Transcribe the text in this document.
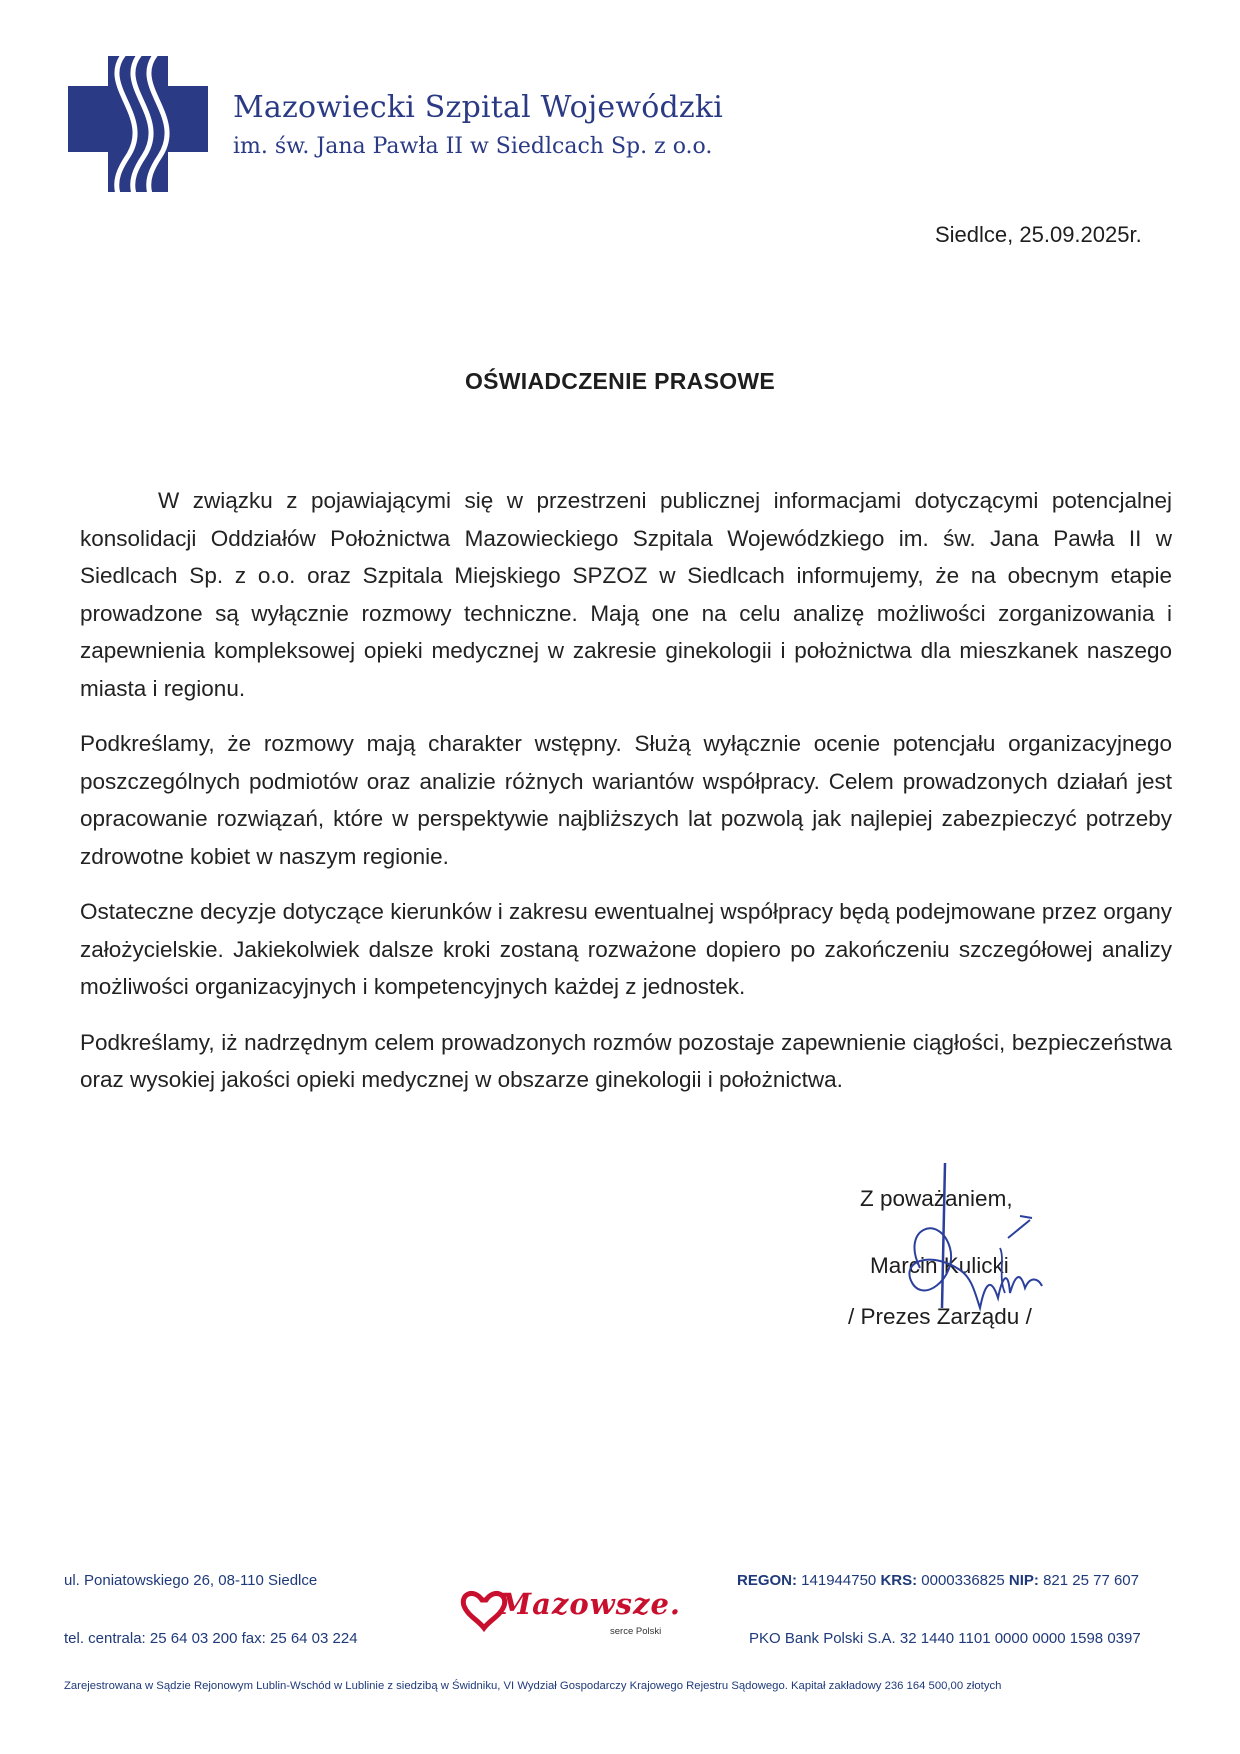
Mazowiecki Szpital Wojewódzki
im. św. Jana Pawła II w Siedlcach Sp. z o.o.
Siedlce, 25.09.2025r.
OŚWIADCZENIE PRASOWE

W związku z pojawiającymi się w przestrzeni publicznej informacjami dotyczącymi potencjalnej konsolidacji Oddziałów Położnictwa Mazowieckiego Szpitala Wojewódzkiego im. św. Jana Pawła II w Siedlcach Sp. z o.o. oraz Szpitala Miejskiego SPZOZ w Siedlcach informujemy, że na obecnym etapie prowadzone są wyłącznie rozmowy techniczne. Mają one na celu analizę możliwości zorganizowania i zapewnienia kompleksowej opieki medycznej w zakresie ginekologii i położnictwa dla mieszkanek naszego miasta i regionu.

Podkreślamy, że rozmowy mają charakter wstępny. Służą wyłącznie ocenie potencjału organizacyjnego poszczególnych podmiotów oraz analizie różnych wariantów współpracy. Celem prowadzonych działań jest opracowanie rozwiązań, które w perspektywie najbliższych lat pozwolą jak najlepiej zabezpieczyć potrzeby zdrowotne kobiet w naszym regionie.

Ostateczne decyzje dotyczące kierunków i zakresu ewentualnej współpracy będą podejmowane przez organy założycielskie. Jakiekolwiek dalsze kroki zostaną rozważone dopiero po zakończeniu szczegółowej analizy możliwości organizacyjnych i kompetencyjnych każdej z jednostek.

Podkreślamy, iż nadrzędnym celem prowadzonych rozmów pozostaje zapewnienie ciągłości, bezpieczeństwa oraz wysokiej jakości opieki medycznej w obszarze ginekologii i położnictwa.

Z poważaniem,
Marcin Kulicki
/ Prezes Zarządu /
ul. Poniatowskiego 26, 08-110 Siedlce
tel. centrala: 25 64 03 200 fax: 25 64 03 224
REGON: 141944750 KRS: 0000336825 NIP: 821 25 77 607
PKO Bank Polski S.A. 32 1440 1101 0000 0000 1598 0397
Mazowsze.
serce Polski
Zarejestrowana w Sądzie Rejonowym Lublin-Wschód w Lublinie z siedzibą w Świdniku, VI Wydział Gospodarczy Krajowego Rejestru Sądowego. Kapitał zakładowy 236 164 500,00 złotych
